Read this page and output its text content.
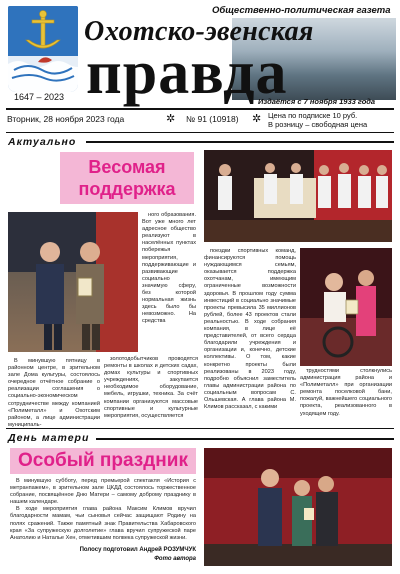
1647 – 2023
Общественно-политическая газета
Охотско-эвенская
правда
Издаётся с 7 ноября 1933 года
Вторник, 28 ноября 2023 года	✲ № 91 (10918) ✲ Цена по подписке 10 руб.
В розницу – свободная цена
Актуально
Весомая
поддержка

ного образования. Вот уже много лет адресное общество реализуют в населённых пунктах побережья мероприятия, поддерживающие и развивающие социально значимую сферу, без которой нормальная жизнь здесь было бы невозможно. На средства

В минувшую пятницу в районном центре, в зрительном зале Дома культуры, состоялось очередное отчётное собрание о реализации соглашения о социально-экономическом сотрудничестве между компанией «Полиметалл» и Охотским районом, а лице администрации муниципаль-

золотодобытчиков проводятся ремонты в школах и детских садах, домах культуры и спортивных учреждениях, закупается необходимое оборудование, мебель, игрушки, техника. За счёт компании организуются массовые спортивные и культурные мероприятия, осуществляется

поездки спортивных команд, финансируются помощь нуждающимся семьям, оказывается поддержка охотчанам, имеющим ограниченные возможности здоровья. В прошлом году сумма инвестиций в социально значимые проекты превысила 35 миллионов рублей, более 43 проектов стали реальностью. В ходе собрания компания, в лице её представителей, от всего сердца благодарили учреждения и организации и, конечно, детские коллективы. О том, какие конкретно проекты были реализованы в 2023 году, подробно объяснил заместитель главы администрации района по социальным вопросам С. Ольшевская. А глава района М. Климов рассказал, с какими

трудностями столкнулись администрация района и «Полиметалл» при организации ремонта поселковой бани, пожалуй, важнейшего социального проекта, реализованного в уходящем году.

День матери
Особый праздник

В минувшую субботу, перед премьерой спектакля «История с метранпажем», в зрительном зале ЦКДД состоялось торжественное собрание, посвящённое Дню Матери – самому доброму празднику в нашем календаре.

В ходе мероприятия глава района Максим Климов вручил благодарности мамам, чьи сыновья сейчас защищают Родину на полях сражений. Также памятный знак Правительства Хабаровского края «За супружескую долголетие» глава вручил супружеской паре Анатолию и Наталье Хен, отметившим полвека супружеской жизни.

Полосу подготовил Андрей РОЗУМЧУК
Фото автора
